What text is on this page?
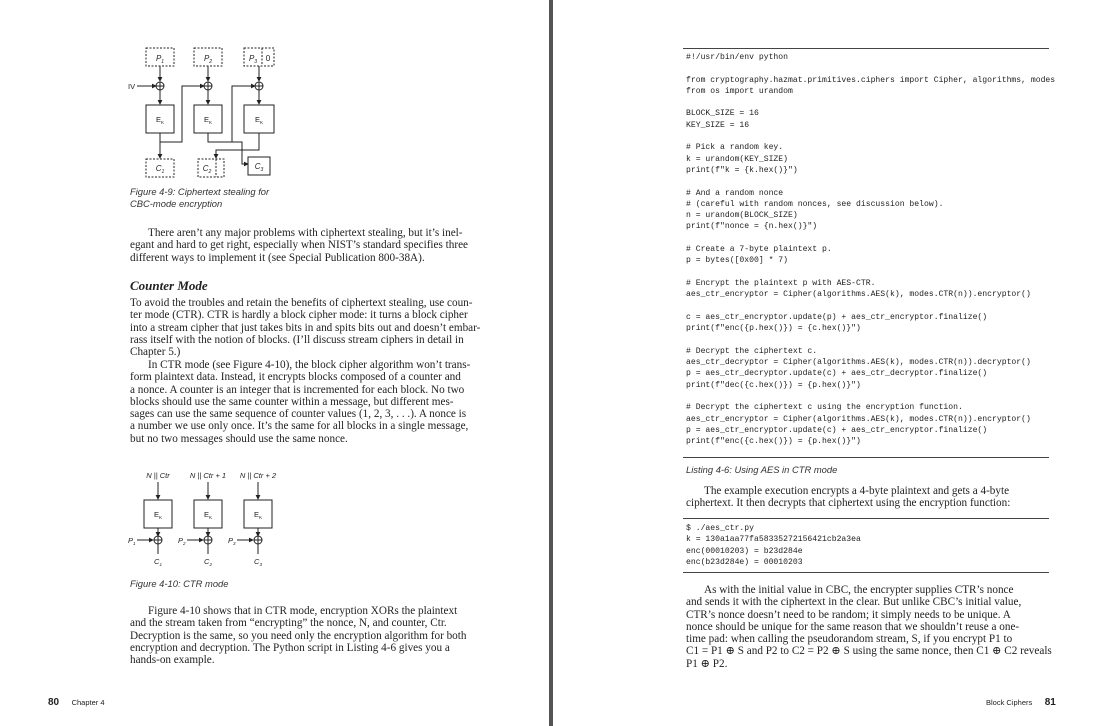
$P_1$	$P_2$	$P_3$ 0
IV
$E_K$	$E_K$	$E_K$
$C_1$	$C_2$
$C_3$
Figure 4-9: Ciphertext stealing for
CBC-mode encryption
There aren’t any major problems with ciphertext stealing, but it’s inel-
egant and hard to get right, especially when NIST’s standard specifies three
different ways to implement it (see Special Publication 800-38A).
Counter Mode
To avoid the troubles and retain the benefits of ciphertext stealing, use coun-
ter mode (CTR). CTR is hardly a block cipher mode: it turns a block cipher
into a stream cipher that just takes bits in and spits bits out and doesn’t embar-
rass itself with the notion of blocks. (I’ll discuss stream ciphers in detail in
Chapter 5.)
In CTR mode (see Figure 4-10), the block cipher algorithm won’t trans-
form plaintext data. Instead, it encrypts blocks composed of a counter and
a nonce. A counter is an integer that is incremented for each block. No two
blocks should use the same counter within a message, but different mes-
sages can use the same sequence of counter values (1, 2, 3, . . .). A nonce is
a number we use only once. It’s the same for all blocks in a single message,
but no two messages should use the same nonce.
N || Ctr	N || Ctr + 1 N || Ctr + 2
$E_K$	$E_K$	$E_K$
$P_1$	$P_2$	$P_3$
$C_1$	$C_2$	$C_3$
Figure 4-10: CTR mode
Figure 4-10 shows that in CTR mode, encryption XORs the plaintext
and the stream taken from “encrypting” the nonce, N, and counter, Ctr.
Decryption is the same, so you need only the encryption algorithm for both
encryption and decryption. The Python script in Listing 4-6 gives you a
hands-on example.
80 Chapter 4
#!/usr/bin/env python

from cryptography.hazmat.primitives.ciphers import Cipher, algorithms, modes
from os import urandom

BLOCK_SIZE = 16
KEY_SIZE = 16

# Pick a random key.
k = urandom(KEY_SIZE)
print(f"k = {k.hex()}")

# And a random nonce
# (careful with random nonces, see discussion below).
n = urandom(BLOCK_SIZE)
print(f"nonce = {n.hex()}")

# Create a 7-byte plaintext p.
p = bytes([0x00] * 7)

# Encrypt the plaintext p with AES-CTR.
aes_ctr_encryptor = Cipher(algorithms.AES(k), modes.CTR(n)).encryptor()

c = aes_ctr_encryptor.update(p) + aes_ctr_encryptor.finalize()
print(f"enc({p.hex()}) = {c.hex()}")

# Decrypt the ciphertext c.
aes_ctr_decryptor = Cipher(algorithms.AES(k), modes.CTR(n)).decryptor()
p = aes_ctr_decryptor.update(c) + aes_ctr_decryptor.finalize()
print(f"dec({c.hex()}) = {p.hex()}")

# Decrypt the ciphertext c using the encryption function.
aes_ctr_encryptor = Cipher(algorithms.AES(k), modes.CTR(n)).encryptor()
p = aes_ctr_encryptor.update(c) + aes_ctr_encryptor.finalize()
print(f"enc({c.hex()}) = {p.hex()}")
Listing 4-6: Using AES in CTR mode
The example execution encrypts a 4-byte plaintext and gets a 4-byte
ciphertext. It then decrypts that ciphertext using the encryption function:
$ ./aes_ctr.py
k = 130a1aa77fa58335272156421cb2a3ea
enc(00010203) = b23d284e
enc(b23d284e) = 00010203
As with the initial value in CBC, the encrypter supplies CTR’s nonce
and sends it with the ciphertext in the clear. But unlike CBC’s initial value,
CTR’s nonce doesn’t need to be random; it simply needs to be unique. A
nonce should be unique for the same reason that we shouldn’t reuse a one-
time pad: when calling the pseudorandom stream, S, if you encrypt P1 to
C1 = P1 ⊕ S and P2 to C2 = P2 ⊕ S using the same nonce, then C1 ⊕ C2 reveals
P1 ⊕ P2.
Block Ciphers 81
